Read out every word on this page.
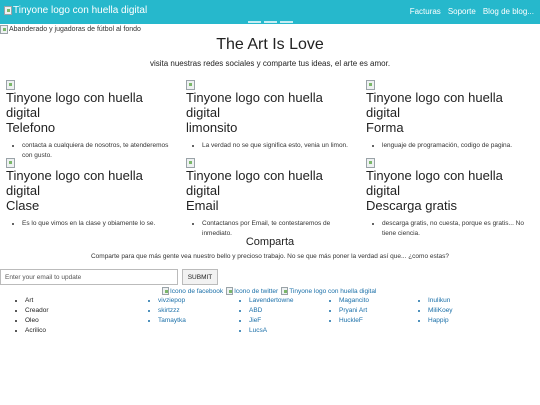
Tinyone logo con huella digital	Facturas Soporte Blog de blog...
Abanderado y jugadoras de fútbol al fondo
The Art Is Love
visita nuestras redes sociales y comparte tus ideas, el arte es amor.
Tinyone logo con huella digital
Telefono
• contacta a cualquiera de nosotros, te atenderemos con gusto.
Tinyone logo con huella digital
limonsito
• La verdad no se que significa esto, venia un limon.
Tinyone logo con huella digital
Forma
• lenguaje de programación, codigo de pagina.
Tinyone logo con huella digital
Clase
• Es lo que vimos en la clase y obiamente lo se.
Tinyone logo con huella digital
Email
• Contactanos por Email, te contestaremos de inmediato.
Tinyone logo con huella digital
Descarga gratis
• descarga gratis, no cuesta, porque es gratis... No tiene ciencia.
Comparta
Comparte para que más gente vea nuestro bello y precioso trabajo. No se que más poner la verdad así que... ¿como estas?
Enter your email to update
SUBMIT
Icono de facebook Icono de twitter Tinyone logo con huella digital
• Art
• Creador
• Oleo
• Acrilico
• vivziepop
• skirtzzz
• Tamaytka
• Lavendertowne
• ABD
• JieF
• LucsA
• Magancito
• Pryani Art
• HuckleF
• Inulikun
• MiliKoey
• Happip
